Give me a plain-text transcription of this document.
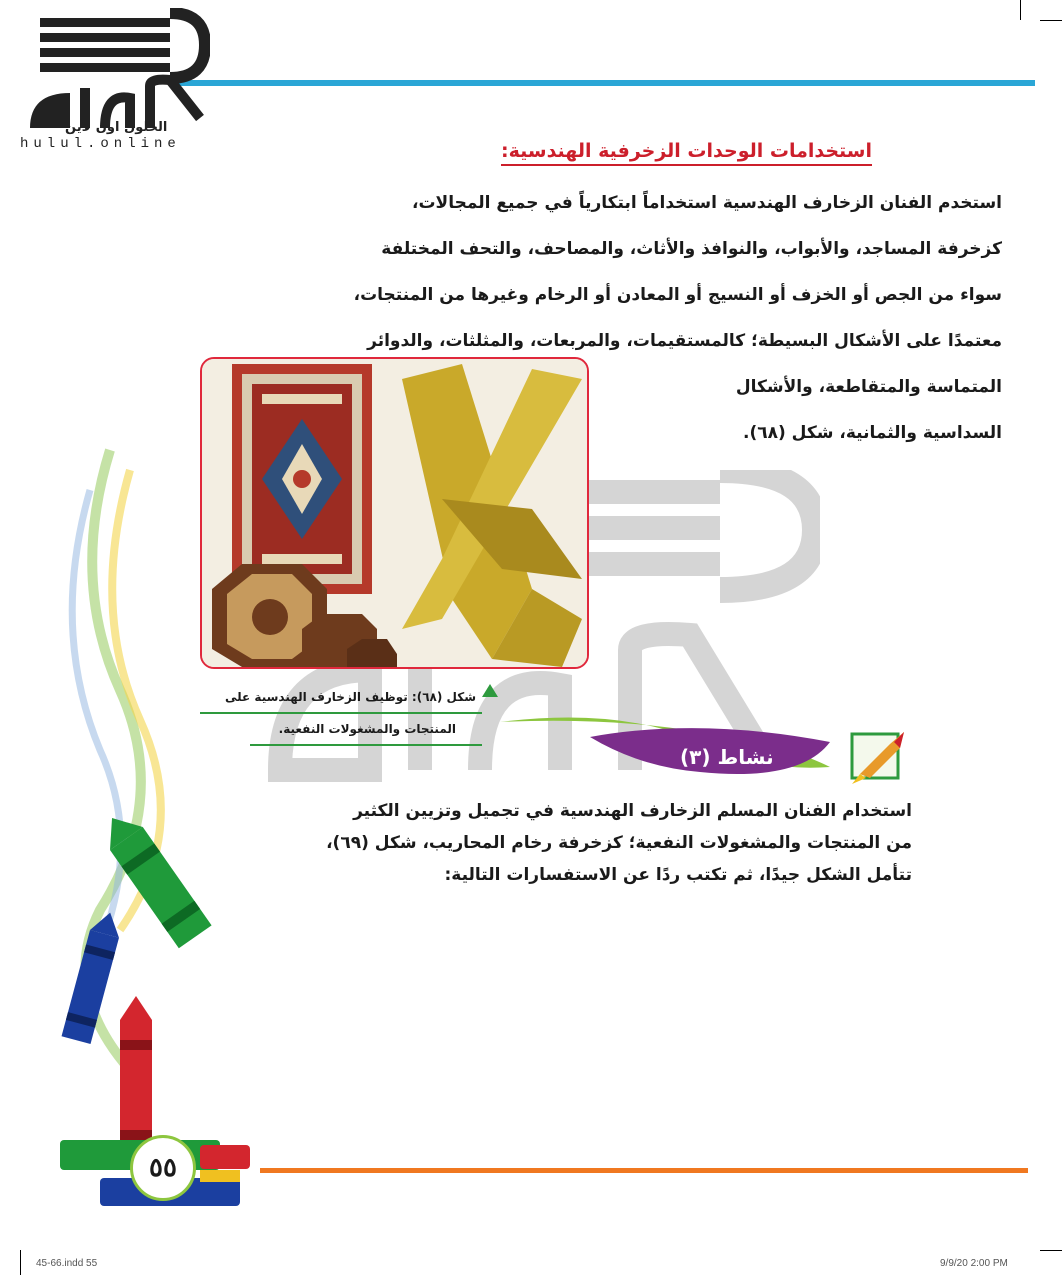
الحلول اون لاين
hulul.online	استخدامات الوحدات الزخرفية الهندسية:

استخدم الفنان الزخارف الهندسية استخداماً ابتكارياً في جميع المجالات،

كزخرفة المساجد، والأبواب، والنوافذ والأثاث، والمصاحف، والتحف المختلفة

سواء من الجص أو الخزف أو النسيج أو المعادن أو الرخام وغيرها من المنتجات،

معتمدًا على الأشكال البسيطة؛ كالمستقيمات، والمربعات، والمثلثات، والدوائر

المتماسة والمتقاطعة، والأشكال

السداسية والثمانية، شكل (٦٨).

شكل (٦٨): توظيف الزخارف الهندسية على
المنتجات والمشغولات النفعية.
نشاط (٣)

استخدام الفنان المسلم الزخارف الهندسية في تجميل وتزيين الكثير

من المنتجات والمشغولات النفعية؛ كزخرفة رخام المحاريب، شكل (٦٩)،

تتأمل الشكل جيدًا، ثم تكتب ردًا عن الاستفسارات التالية:

٥٥
45-66.indd 55	9/9/20 2:00 PM
